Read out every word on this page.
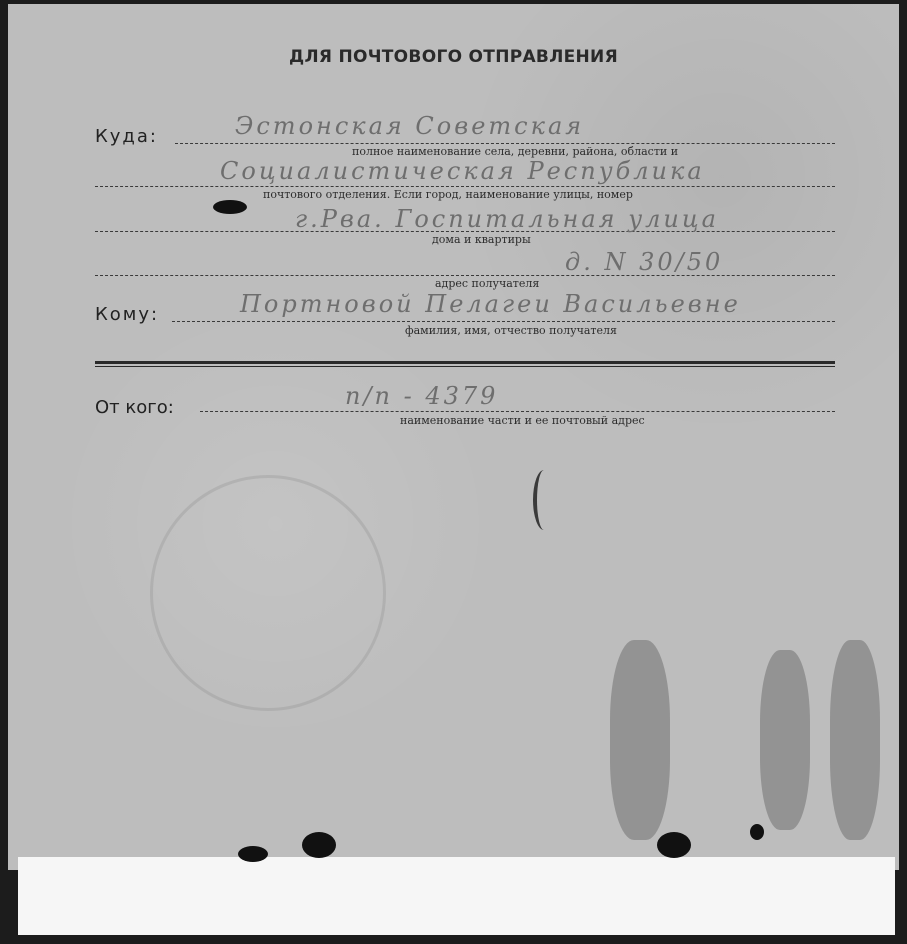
ДЛЯ ПОЧТОВОГО ОТПРАВЛЕНИЯ
Куда:	Эстонская Советская
полное наименование села, деревни, района, области и
Социалистическая Республика
почтового отделения. Если город, наименование улицы, номер
г.Рва. Госпитальная улица
дома и квартиры
д. N 30/50
адрес получателя
Кому:	Портновой Пелагеи Васильевне
фамилия, имя, отчество получателя
От кого:	п/п - 4379
наименование части и ее почтовый адрес
